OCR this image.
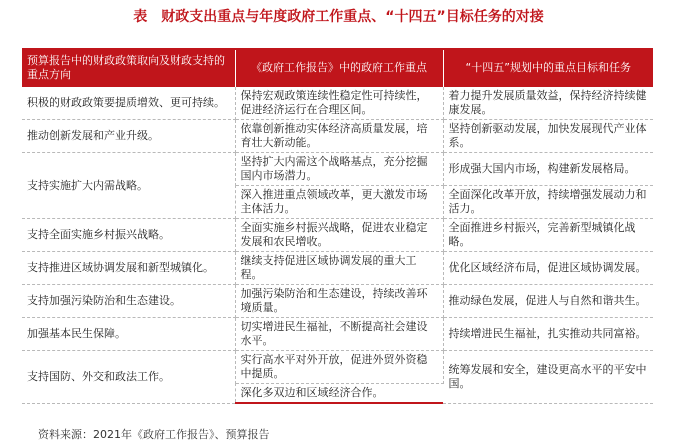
表 财政支出重点与年度政府工作重点、“十四五”目标任务的对接
预算报告中的财政政策取向及财政支持的重点方向	《政府工作报告》中的政府工作重点	“十四五”规划中的重点目标和任务
积极的财政政策要提质增效、更可持续。	保持宏观政策连续性稳定性可持续性，促进经济运行在合理区间。	着力提升发展质量效益，保持经济持续健康发展。
推动创新发展和产业升级。	依靠创新推动实体经济高质量发展，培育壮大新动能。	坚持创新驱动发展，加快发展现代产业体系。
支持实施扩大内需战略。	坚持扩大内需这个战略基点，充分挖掘国内市场潜力。	形成强大国内市场，构建新发展格局。
	深入推进重点领域改革，更大激发市场主体活力。	全面深化改革开放，持续增强发展动力和活力。
支持全面实施乡村振兴战略。	全面实施乡村振兴战略，促进农业稳定发展和农民增收。	全面推进乡村振兴，完善新型城镇化战略。
支持推进区域协调发展和新型城镇化。	继续支持促进区域协调发展的重大工程。	优化区域经济布局，促进区域协调发展。
支持加强污染防治和生态建设。	加强污染防治和生态建设，持续改善环境质量。	推动绿色发展，促进人与自然和谐共生。
加强基本民生保障。	切实增进民生福祉，不断提高社会建设水平。	持续增进民生福祉，扎实推动共同富裕。
支持国防、外交和政法工作。	实行高水平对外开放，促进外贸外资稳中提质。	统筹发展和安全，建设更高水平的平安中国。
	深化多双边和区域经济合作。	
资料来源：2021年《政府工作报告》、预算报告
